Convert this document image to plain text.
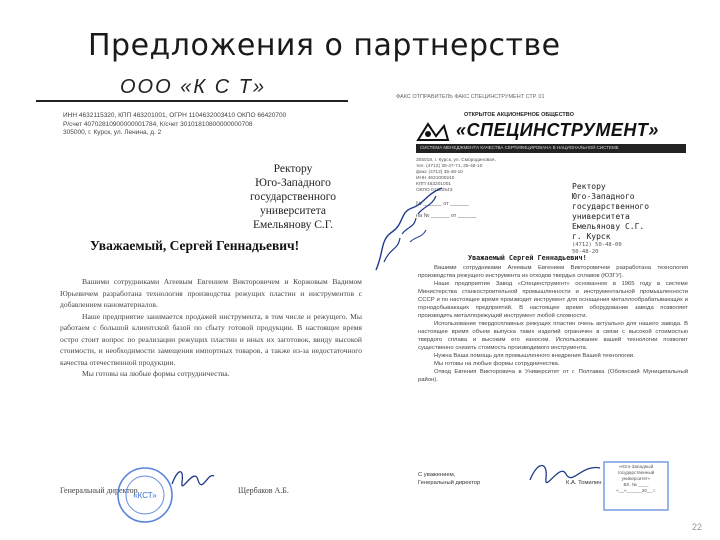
Предложения о партнерстве
ООО «К С Т»
ИНН 4632115320, КПП 463201001, ОГРН 1104632003410 ОКПО 66420700
Р/счет 40702810900000001784, К/счет 30101810800000000708
305000, г. Курск, ул. Ленина, д. 2
Ректору
Юго-Западного
государственного
университета
Емельянову С.Г.
Уважаемый, Сергей Геннадьевич!

Вашими сотрудниками Агеевым Евгением Викторовичем и Коржовым Вадимом Юрьевичем разработана технология производства режущих пластин и инструментов с добавлением наноматериалов.

Наше предприятие занимается продажей инструмента, в том числе и режущего. Мы работаем с большой клиентской базой по сбыту готовой продукции. В настоящее время остро стоит вопрос по реализации режущих пластин и иных их заготовок, ввиду высокой стоимости, и необходимости замещения импортных товаров, а также из-за недостаточного качества отечественной продукции.

Мы готовы на любые формы сотрудничества.

Генеральный директор	Щербаков А.Б.
«КСТ»
ФАКС ОТПРАВИТЕЛЬ ФАКС СПЕЦИНСТРУМЕНТ СТР. 01
ОТКРЫТОЕ АКЦИОНЕРНОЕ ОБЩЕСТВО
«СПЕЦИНСТРУМЕНТ»
СИСТЕМА МЕНЕДЖМЕНТА КАЧЕСТВА СЕРТИФИЦИРОВАНА В НАЦИОНАЛЬНОЙ СИСТЕМЕ
305018, г. Курск, ул. Смородиновая,
тел. (4712) 35-47-71, 35-48-10
факс (4712) 35-48-10
ИНН 4631000240
КПП 463201001
ОКПО 01382543
№ ______ от ______
на № ______ от ______
Ректору
Юго-Западного
государственного
университета
Емельянову С.Г.
г. Курск
(4712) 50-48-00
50-48-20
Уважаемый Сергей Геннадьевич!

Вашими сотрудниками Агеевым Евгением Викторовичем разработана технология производства режущего инструмента из отходов твердых сплавов (ЮЗГУ).

Наше предприятие Завод «Специнструмент» основанное в 1965 году в системе Министерства станкостроительной промышленности и инструментальной промышленности СССР и по настоящее время производит инструмент для оснащения металлообрабатывающих и горнодобывающих предприятий. В настоящее время оборудование завода позволяет производить металлорежущий инструмент любой сложности.

Использование твердосплавных режущих пластин очень актуально для нашего завода. В настоящее время объем выпуска таких изделий ограничен в связи с высокой стоимостью твердого сплава и высоким его износом. Использование вашей технологии позволит существенно снизить стоимость производимого инструмента.

Нужна Ваша помощь для промышленного внедрения Вашей технологии.

Мы готовы на любые формы сотрудничества.

Отвод Евгения Викторовича в Университет от г. Полтавка (Обоянский Муниципальный район).

С уважением,
Генеральный директор	К.А. Томилин
«Юго-Западный
государственный
университет»
ВХ. № ____
«__»______20__ г.
22
